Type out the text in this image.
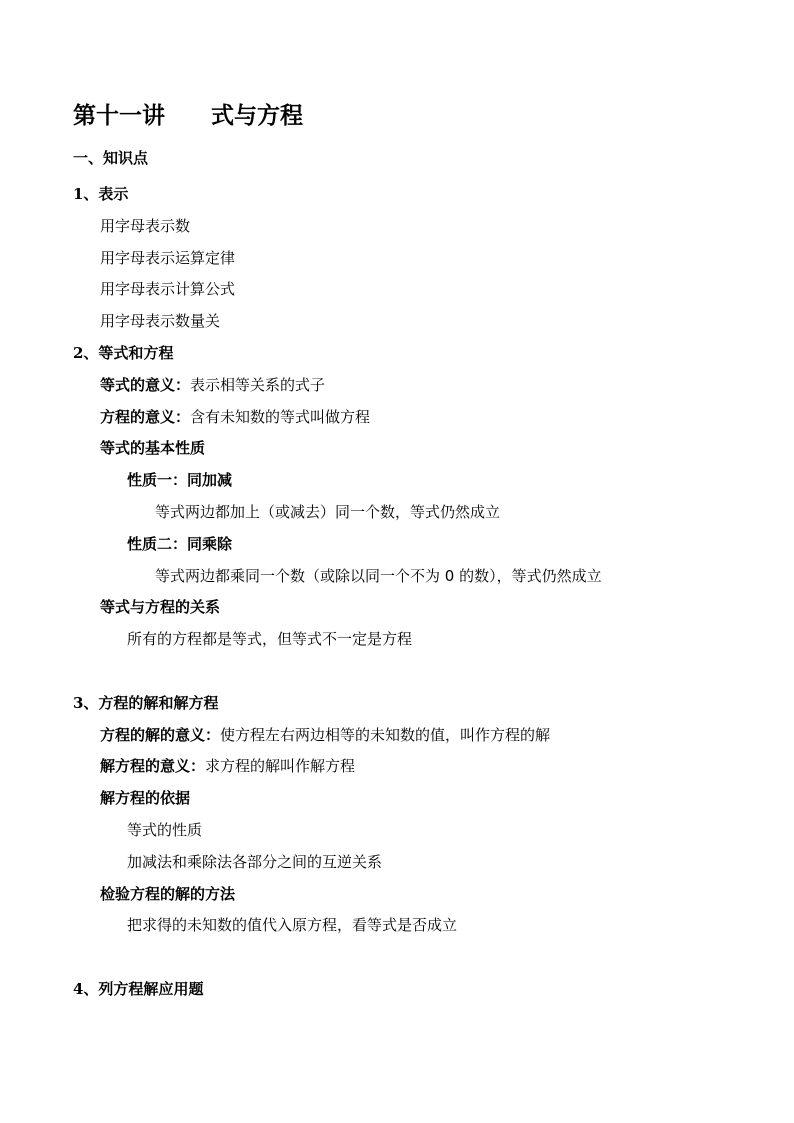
第十一讲 式与方程
一、知识点
1、表示
用字母表示数
用字母表示运算定律
用字母表示计算公式
用字母表示数量关
2、等式和方程
等式的意义：表示相等关系的式子
方程的意义：含有未知数的等式叫做方程
等式的基本性质
性质一：同加减
等式两边都加上（或减去）同一个数，等式仍然成立
性质二：同乘除
等式两边都乘同一个数（或除以同一个不为 0 的数），等式仍然成立
等式与方程的关系
所有的方程都是等式，但等式不一定是方程
3、方程的解和解方程
方程的解的意义：使方程左右两边相等的未知数的值，叫作方程的解
解方程的意义：求方程的解叫作解方程
解方程的依据
等式的性质
加减法和乘除法各部分之间的互逆关系
检验方程的解的方法
把求得的未知数的值代入原方程，看等式是否成立
4、列方程解应用题
